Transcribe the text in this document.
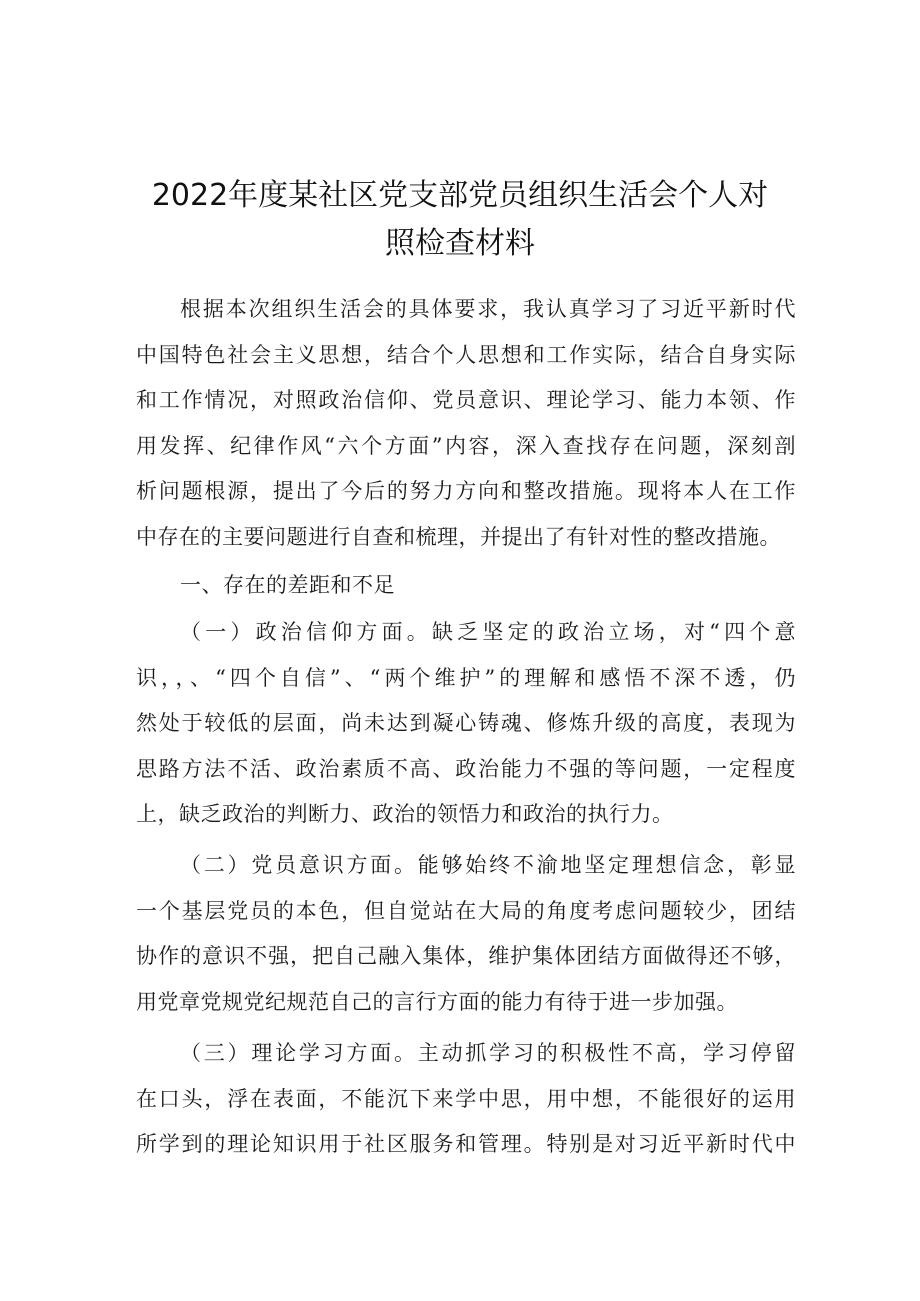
2022年度某社区党支部党员组织生活会个人对
照检查材料
根据本次组织生活会的具体要求，我认真学习了习近平新时代
中国特色社会主义思想，结合个人思想和工作实际，结合自身实际
和工作情况，对照政治信仰、党员意识、理论学习、能力本领、作
用发挥、纪律作风“六个方面”内容，深入查找存在问题，深刻剖
析问题根源，提出了今后的努力方向和整改措施。现将本人在工作
中存在的主要问题进行自查和梳理，并提出了有针对性的整改措施。
一、存在的差距和不足
（一）政治信仰方面。缺乏坚定的政治立场，对“四个意
识，，、“四个自信”、“两个维护”的理解和感悟不深不透，仍
然处于较低的层面，尚未达到凝心铸魂、修炼升级的高度，表现为
思路方法不活、政治素质不高、政治能力不强的等问题，一定程度
上，缺乏政治的判断力、政治的领悟力和政治的执行力。
（二）党员意识方面。能够始终不渝地坚定理想信念，彰显
一个基层党员的本色，但自觉站在大局的角度考虑问题较少，团结
协作的意识不强，把自己融入集体，维护集体团结方面做得还不够，
用党章党规党纪规范自己的言行方面的能力有待于进一步加强。
（三）理论学习方面。主动抓学习的积极性不高，学习停留
在口头，浮在表面，不能沉下来学中思，用中想，不能很好的运用
所学到的理论知识用于社区服务和管理。特别是对习近平新时代中
